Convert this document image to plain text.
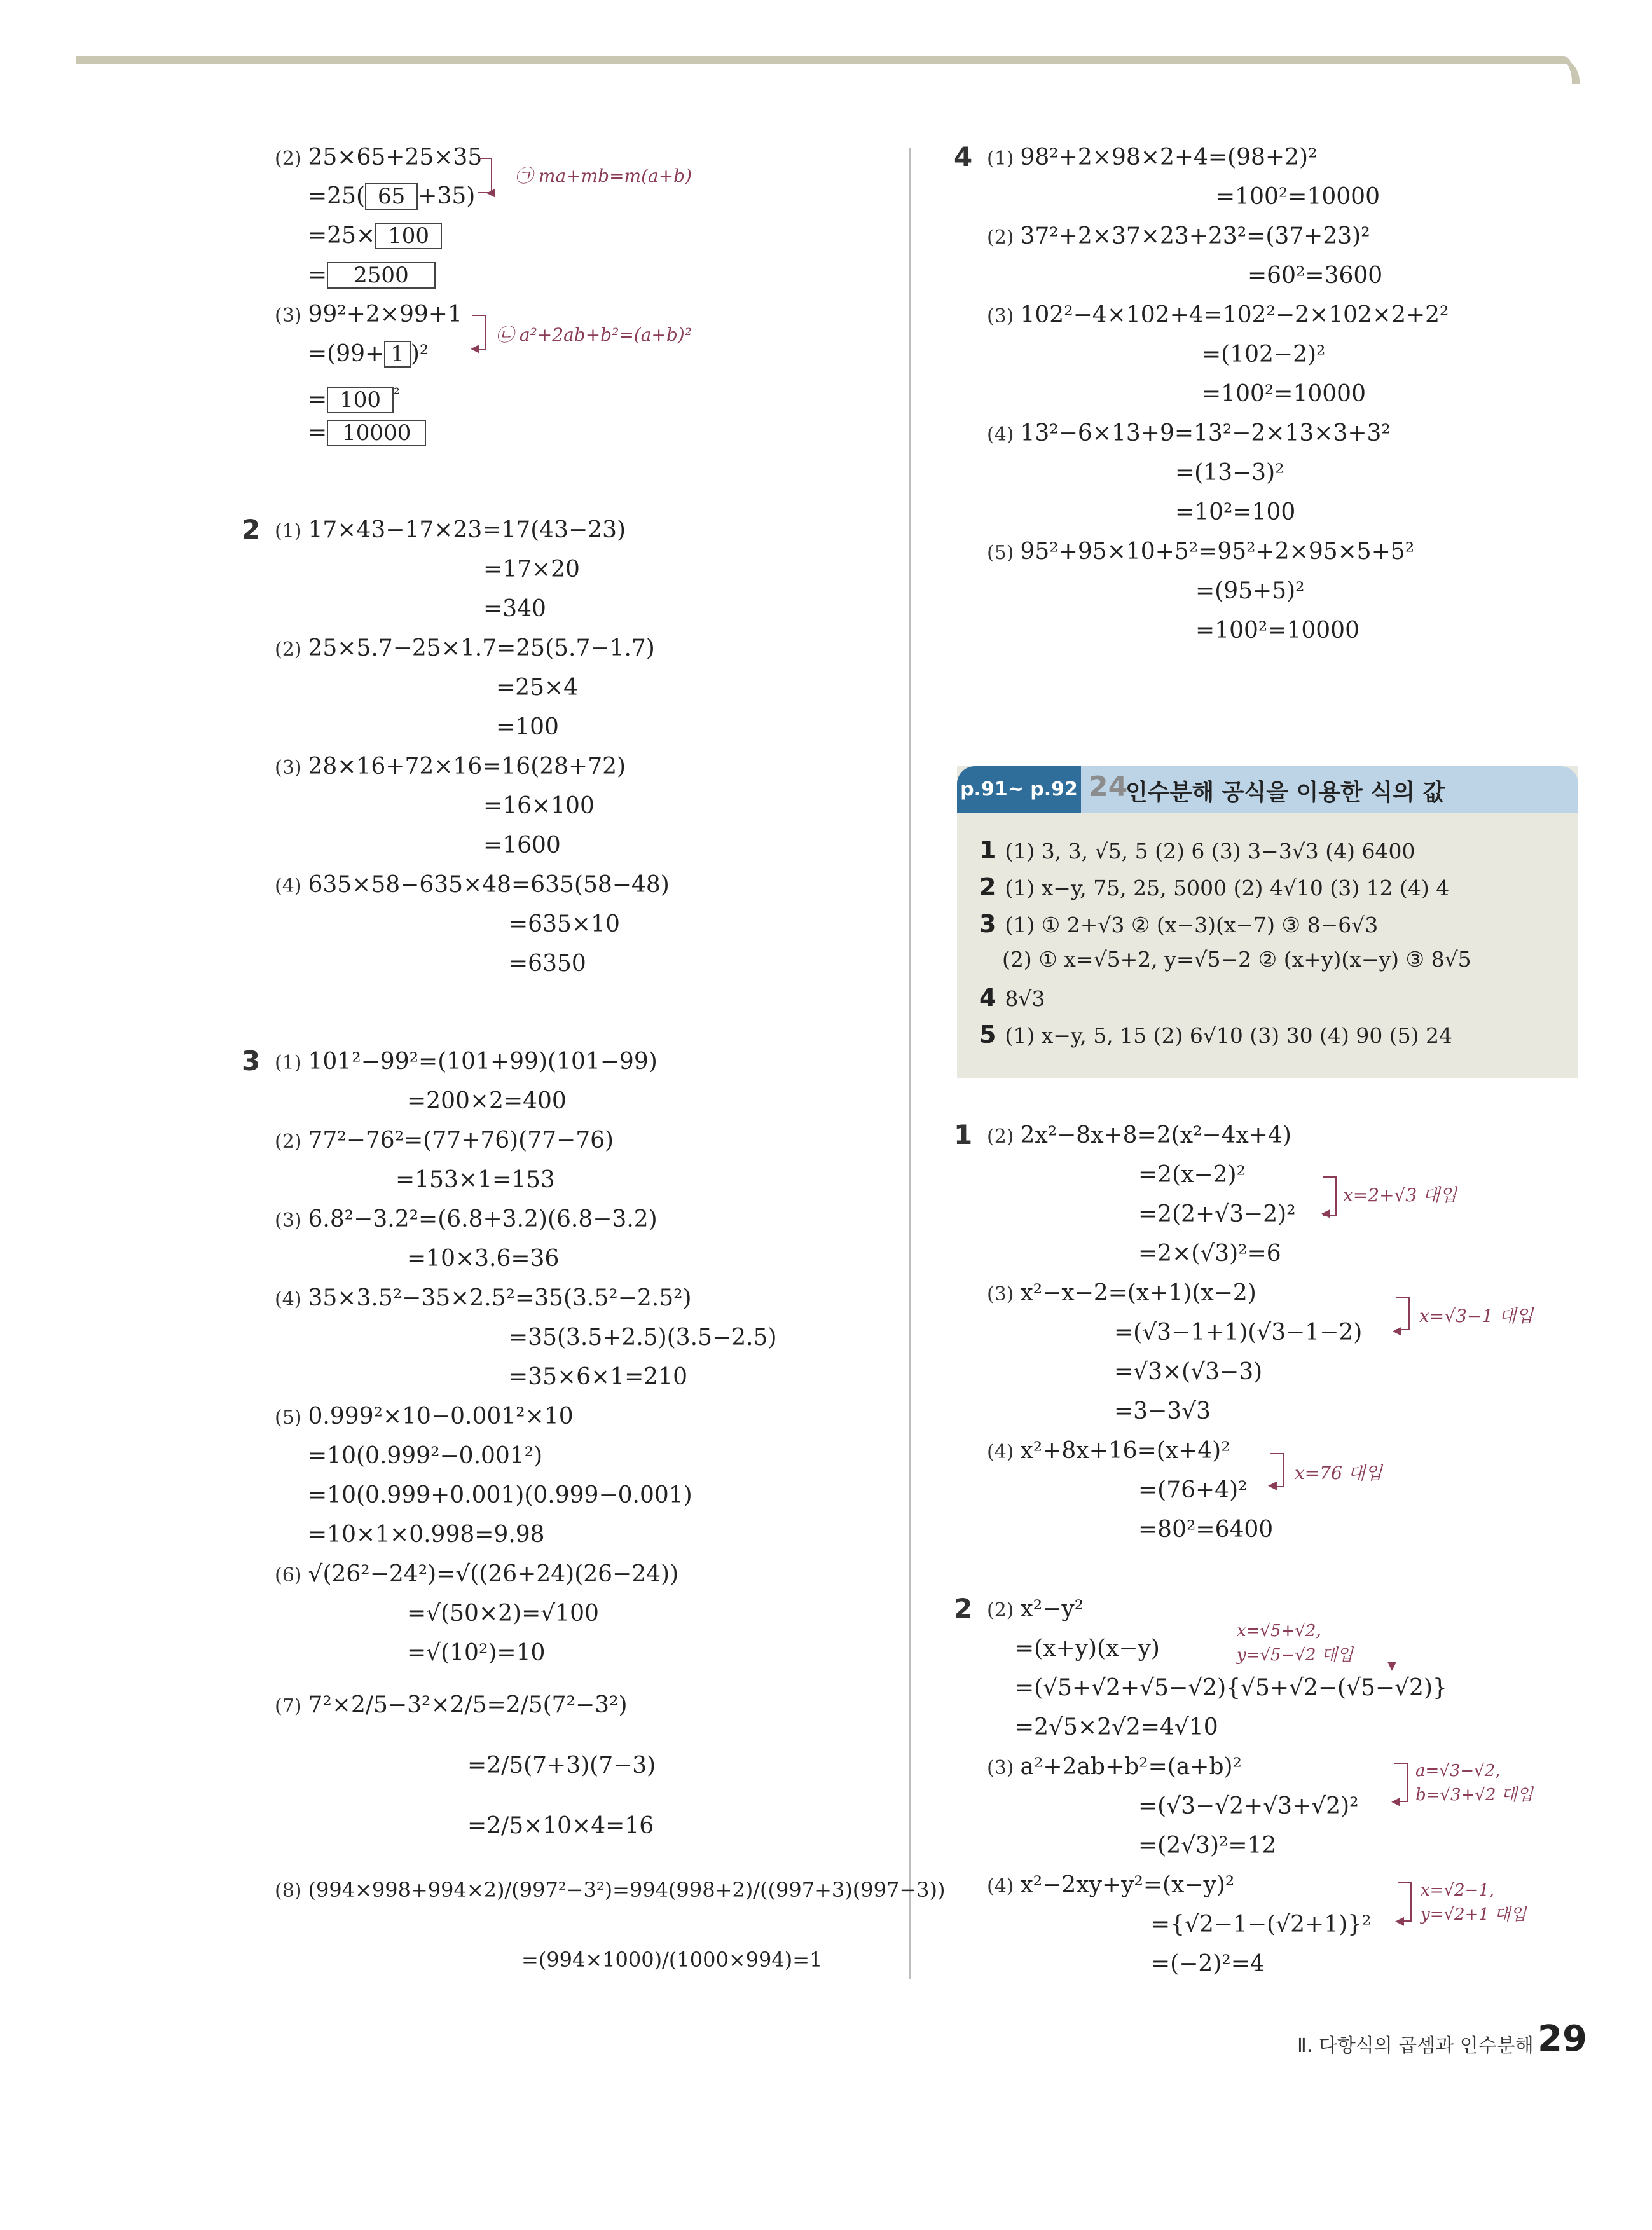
(2) 25×65+25×35
=25( 65 +35)
=25× 100
= 2500
◂
㉠ ma+mb=m(a+b)
(3) 99²+2×99+1
=(99+ 1 )²
= 100 $^{^2}$
= 10000
◂
㉡ a²+2ab+b²=(a+b)²
2 (1) 17×43−17×23=17(43−23)
=17×20
=340
(2) 25×5.7−25×1.7=25(5.7−1.7)
=25×4
=100
(3) 28×16+72×16=16(28+72)
=16×100
=1600
(4) 635×58−635×48=635(58−48)
=635×10
=6350
3 (1) 101²−99²=(101+99)(101−99)
=200×2=400
(2) 77²−76²=(77+76)(77−76)
=153×1=153
(3) 6.8²−3.2²=(6.8+3.2)(6.8−3.2)
=10×3.6=36
(4) 35×3.5²−35×2.5²=35(3.5²−2.5²)
=35(3.5+2.5)(3.5−2.5)
=35×6×1=210
(5) 0.999²×10−0.001²×10
=10(0.999²−0.001²)
=10(0.999+0.001)(0.999−0.001)
=10×1×0.998=9.98
(6) √(26²−24²)=√((26+24)(26−24))
=√(50×2)=√100
=√(10²)=10
(7) 7²×2/5−3²×2/5=2/5(7²−3²)
=2/5(7+3)(7−3)
=2/5×10×4=16
(8) (994×998+994×2)/(997²−3²)=994(998+2)/((997+3)(997−3))
=(994×1000)/(1000×994)=1
4 (1) 98²+2×98×2+4=(98+2)²
=100²=10000
(2) 37²+2×37×23+23²=(37+23)²
=60²=3600
(3) 102²−4×102+4=102²−2×102×2+2²
=(102−2)²
=100²=10000
(4) 13²−6×13+9=13²−2×13×3+3²
=(13−3)²
=10²=100
(5) 95²+95×10+5²=95²+2×95×5+5²
=(95+5)²
=100²=10000
p.91~ p.92 24
인수분해 공식을 이용한 식의 값
1 (1) 3, 3, √5, 5 (2) 6 (3) 3−3√3 (4) 6400
2 (1) x−y, 75, 25, 5000 (2) 4√10 (3) 12 (4) 4
3 (1) ① 2+√3 ② (x−3)(x−7) ③ 8−6√3
(2) ① x=√5+2, y=√5−2 ② (x+y)(x−y) ③ 8√5
4 8√3
5 (1) x−y, 5, 15 (2) 6√10 (3) 30 (4) 90 (5) 24
1 (2) 2x²−8x+8=2(x²−4x+4)
=2(x−2)²
=2(2+√3−2)²
=2×(√3)²=6
◂
x=2+√3 대입
(3) x²−x−2=(x+1)(x−2)
=(√3−1+1)(√3−1−2)
=√3×(√3−3)
=3−3√3
◂
x=√3−1 대입
(4) x²+8x+16=(x+4)²
=(76+4)²
=80²=6400
◂
x=76 대입
2 (2) x²−y²
=(x+y)(x−y)
=(√5+√2+√5−√2){√5+√2−(√5−√2)}
=2√5×2√2=4√10
x=√5+√2,
y=√5−√2 대입 ▾
(3) a²+2ab+b²=(a+b)²
=(√3−√2+√3+√2)²
=(2√3)²=12
◂
a=√3−√2,
b=√3+√2 대입
(4) x²−2xy+y²=(x−y)²
={√2−1−(√2+1)}²
=(−2)²=4
◂
x=√2−1,
y=√2+1 대입
Ⅱ. 다항식의 곱셈과 인수분해 29
